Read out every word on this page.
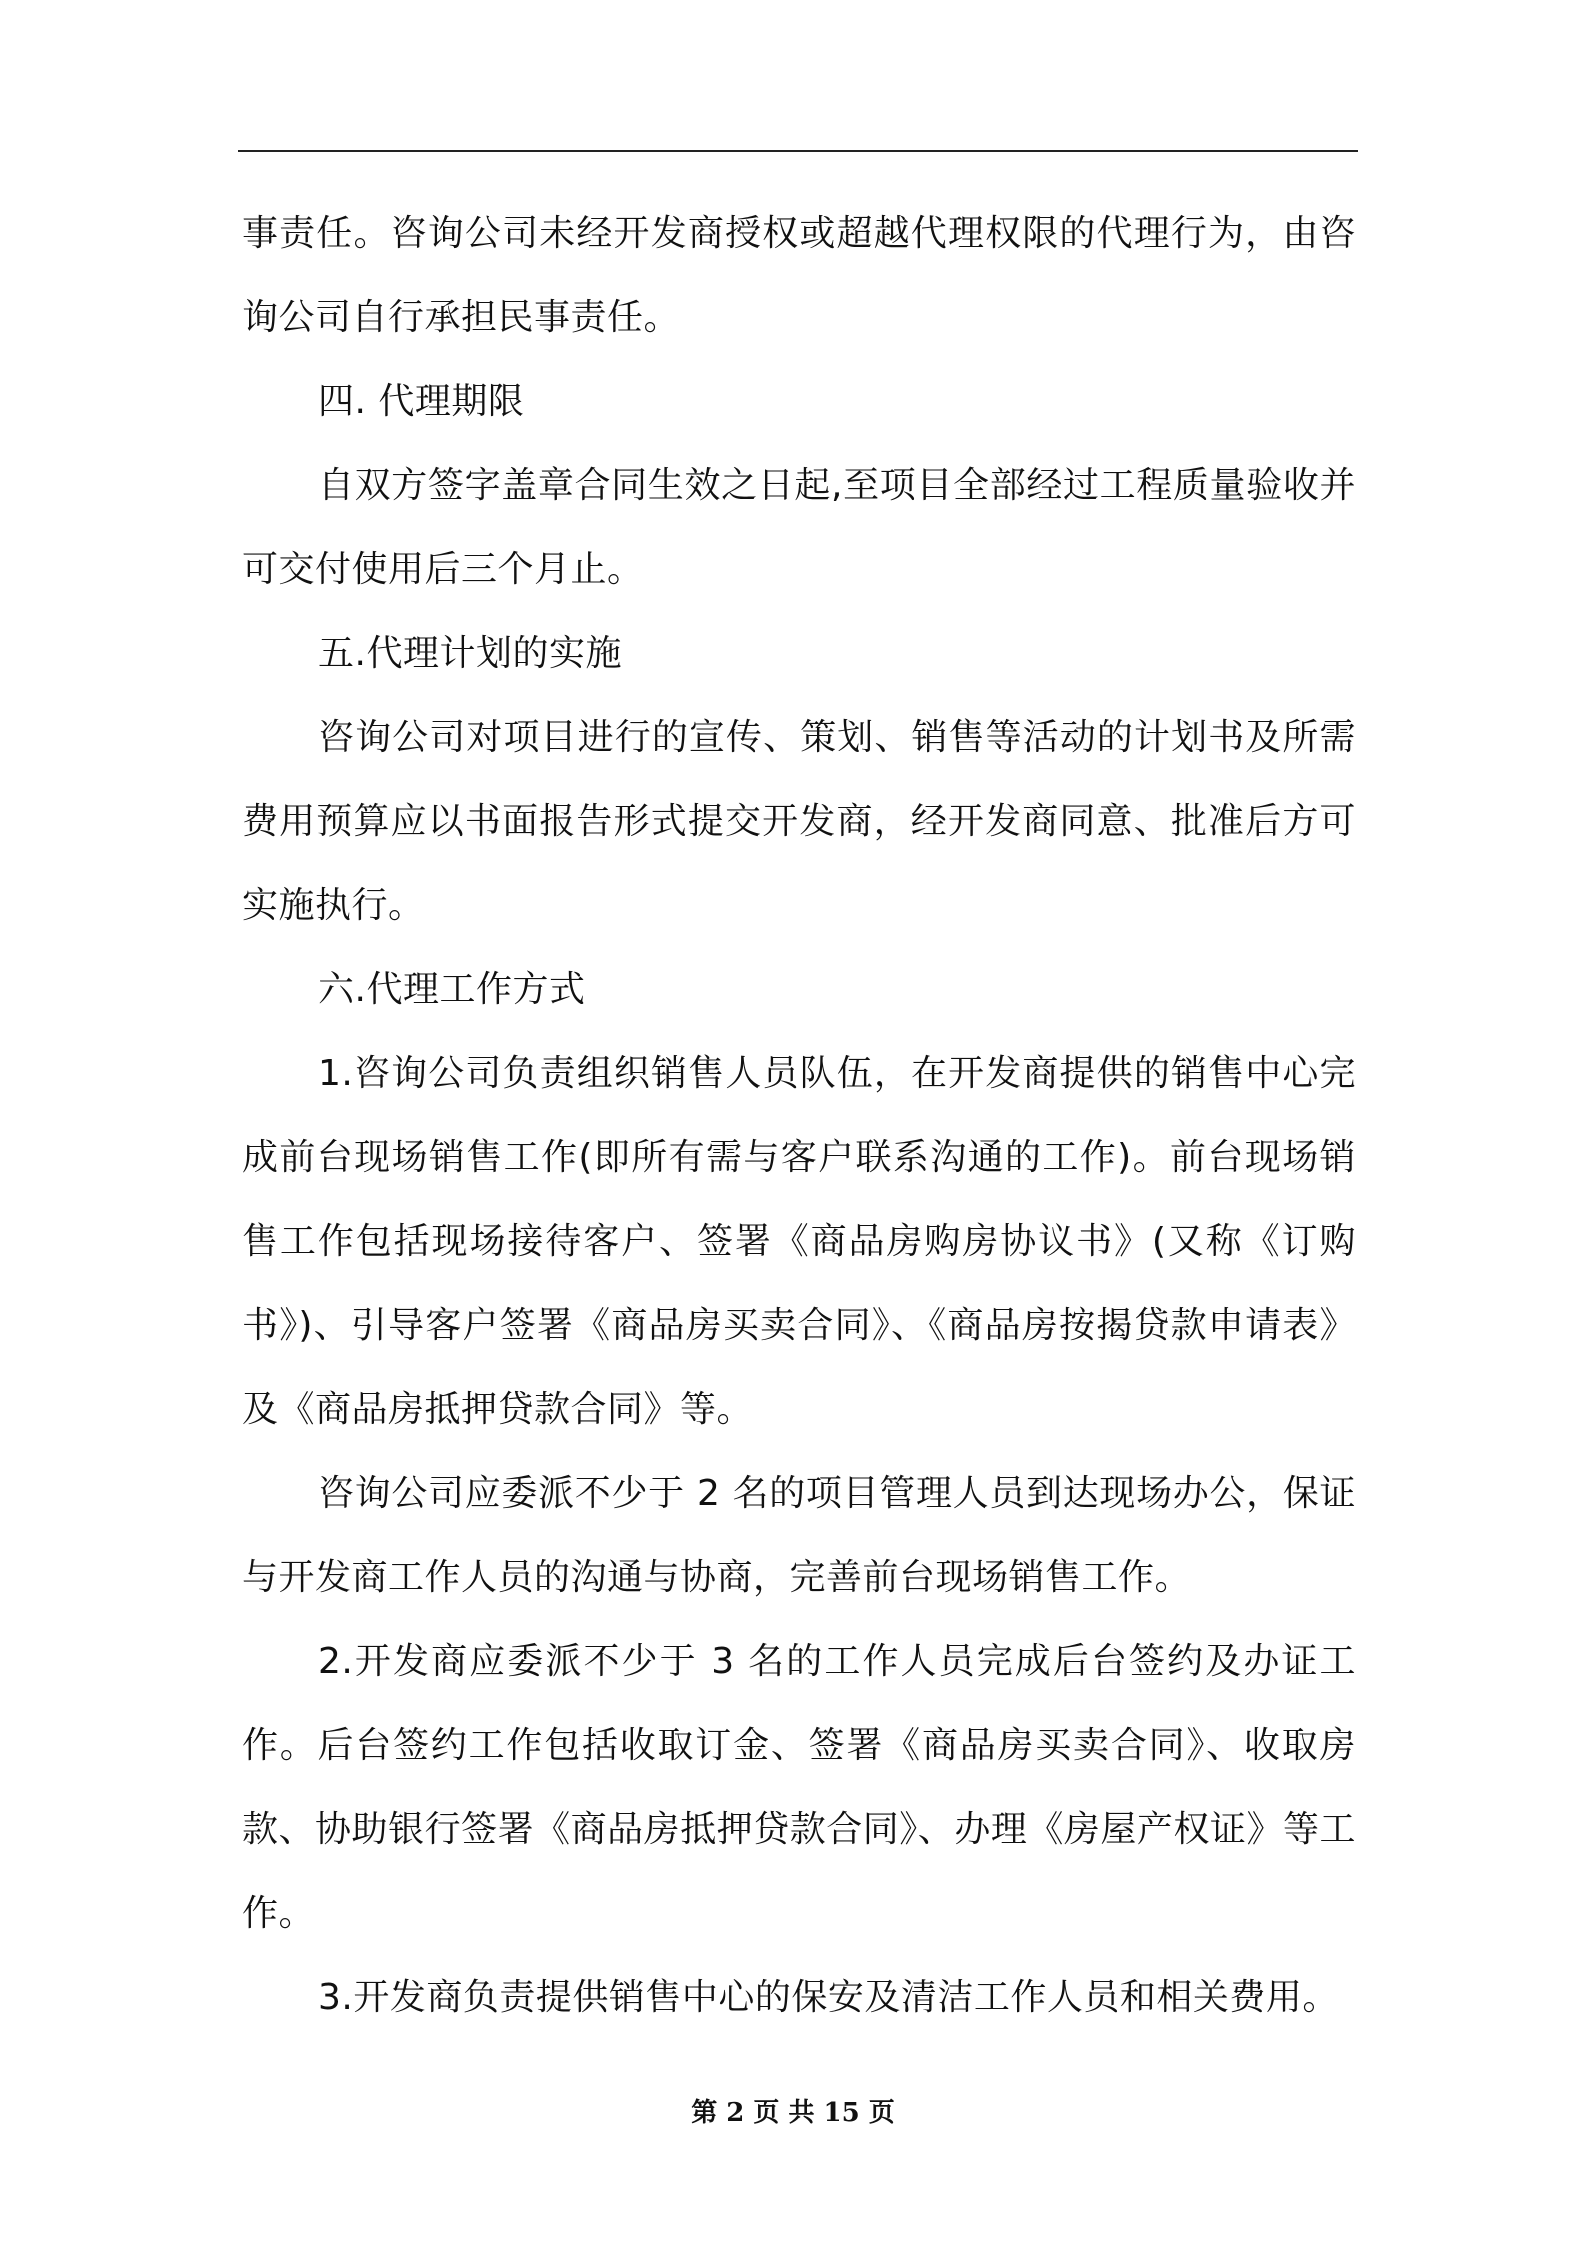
事责任。咨询公司未经开发商授权或超越代理权限的代理行为，由咨询公司自行承担民事责任。

四. 代理期限

自双方签字盖章合同生效之日起,至项目全部经过工程质量验收并可交付使用后三个月止。

五.代理计划的实施

咨询公司对项目进行的宣传、策划、销售等活动的计划书及所需费用预算应以书面报告形式提交开发商，经开发商同意、批准后方可实施执行。

六.代理工作方式

1.咨询公司负责组织销售人员队伍，在开发商提供的销售中心完成前台现场销售工作(即所有需与客户联系沟通的工作)。前台现场销售工作包括现场接待客户、签署《商品房购房协议书》(又称《订购书》)、引导客户签署《商品房买卖合同》、《商品房按揭贷款申请表》及《商品房抵押贷款合同》等。

咨询公司应委派不少于 2 名的项目管理人员到达现场办公，保证与开发商工作人员的沟通与协商，完善前台现场销售工作。

2.开发商应委派不少于 3 名的工作人员完成后台签约及办证工作。后台签约工作包括收取订金、签署《商品房买卖合同》、收取房款、协助银行签署《商品房抵押贷款合同》、办理《房屋产权证》等工作。

3.开发商负责提供销售中心的保安及清洁工作人员和相关费用。

第 2 页 共 15 页
